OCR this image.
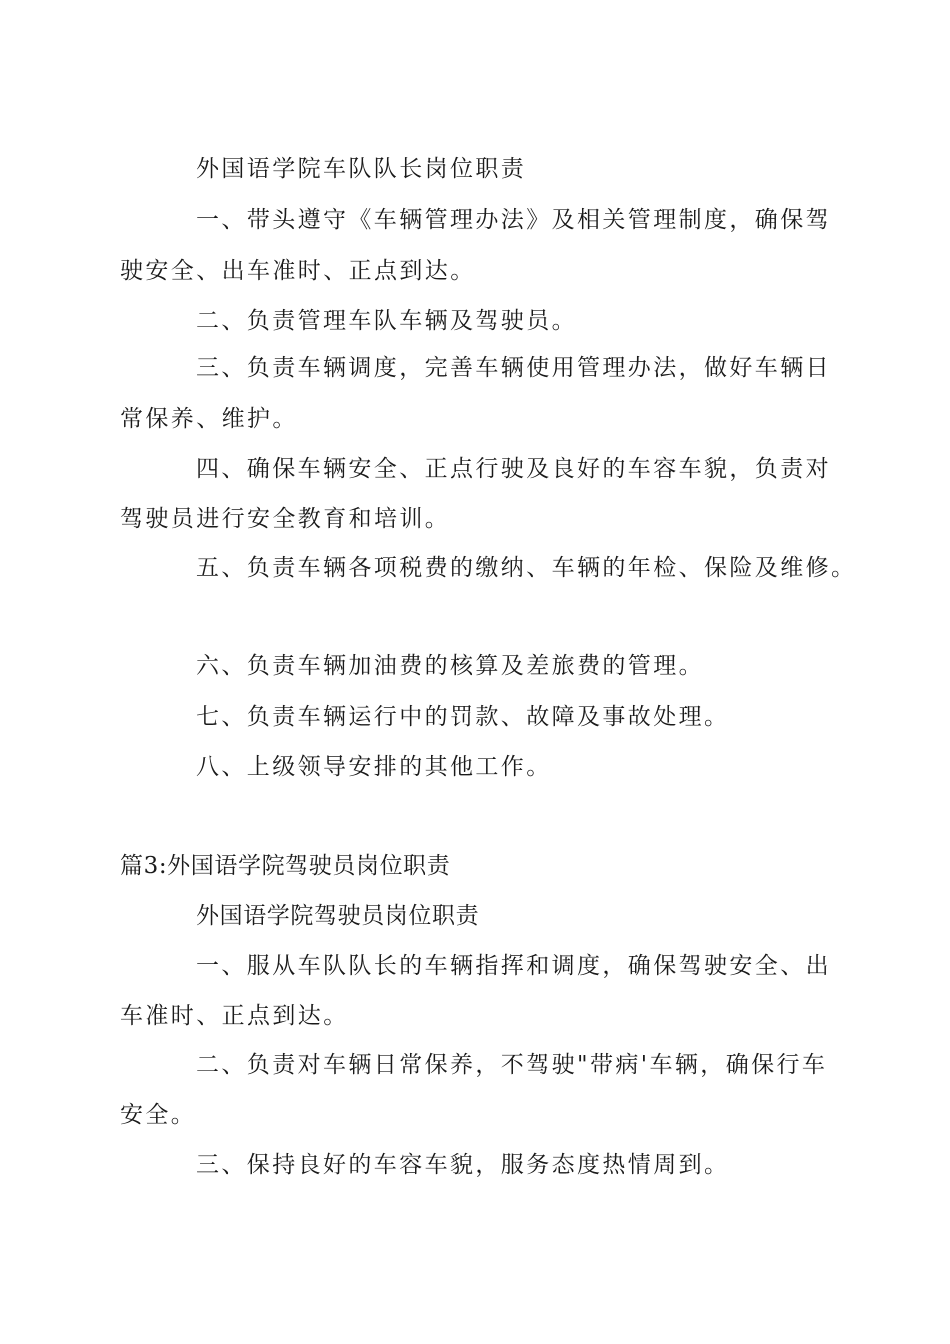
外国语学院车队队长岗位职责
一、带头遵守《车辆管理办法》及相关管理制度，确保驾
驶安全、出车准时、正点到达。
二、负责管理车队车辆及驾驶员。
三、负责车辆调度，完善车辆使用管理办法，做好车辆日
常保养、维护。
四、确保车辆安全、正点行驶及良好的车容车貌，负责对
驾驶员进行安全教育和培训。
五、负责车辆各项税费的缴纳、车辆的年检、保险及维修。
六、负责车辆加油费的核算及差旅费的管理。
七、负责车辆运行中的罚款、故障及事故处理。
八、上级领导安排的其他工作。
篇3:外国语学院驾驶员岗位职责
外国语学院驾驶员岗位职责
一、服从车队队长的车辆指挥和调度，确保驾驶安全、出
车准时、正点到达。
二、负责对车辆日常保养，不驾驶"带病'车辆，确保行车
安全。
三、保持良好的车容车貌，服务态度热情周到。
